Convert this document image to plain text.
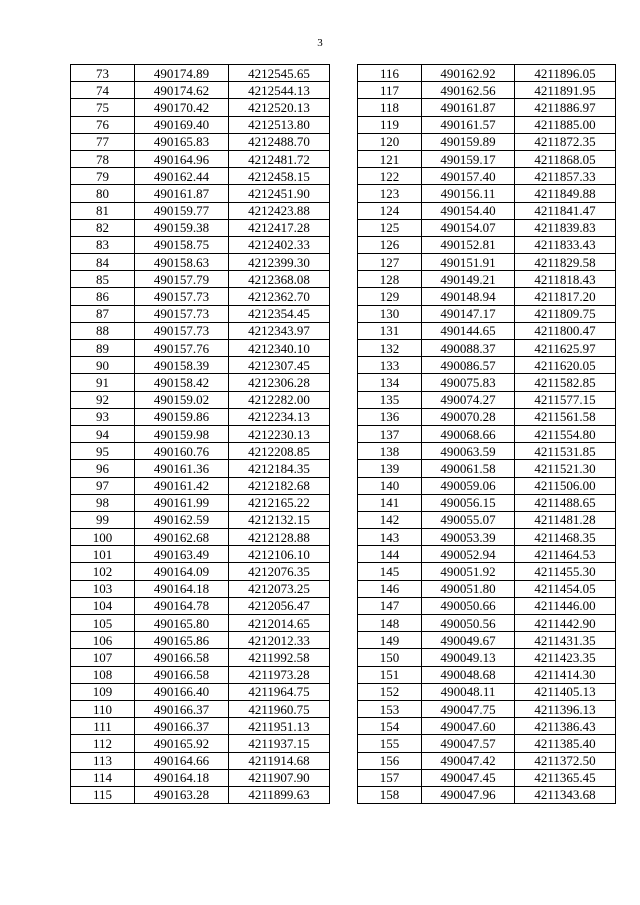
3
73	490174.89	4212545.65
74	490174.62	4212544.13
75	490170.42	4212520.13
76	490169.40	4212513.80
77	490165.83	4212488.70
78	490164.96	4212481.72
79	490162.44	4212458.15
80	490161.87	4212451.90
81	490159.77	4212423.88
82	490159.38	4212417.28
83	490158.75	4212402.33
84	490158.63	4212399.30
85	490157.79	4212368.08
86	490157.73	4212362.70
87	490157.73	4212354.45
88	490157.73	4212343.97
89	490157.76	4212340.10
90	490158.39	4212307.45
91	490158.42	4212306.28
92	490159.02	4212282.00
93	490159.86	4212234.13
94	490159.98	4212230.13
95	490160.76	4212208.85
96	490161.36	4212184.35
97	490161.42	4212182.68
98	490161.99	4212165.22
99	490162.59	4212132.15
100	490162.68	4212128.88
101	490163.49	4212106.10
102	490164.09	4212076.35
103	490164.18	4212073.25
104	490164.78	4212056.47
105	490165.80	4212014.65
106	490165.86	4212012.33
107	490166.58	4211992.58
108	490166.58	4211973.28
109	490166.40	4211964.75
110	490166.37	4211960.75
111	490166.37	4211951.13
112	490165.92	4211937.15
113	490164.66	4211914.68
114	490164.18	4211907.90
115	490163.28	4211899.63
116	490162.92	4211896.05
117	490162.56	4211891.95
118	490161.87	4211886.97
119	490161.57	4211885.00
120	490159.89	4211872.35
121	490159.17	4211868.05
122	490157.40	4211857.33
123	490156.11	4211849.88
124	490154.40	4211841.47
125	490154.07	4211839.83
126	490152.81	4211833.43
127	490151.91	4211829.58
128	490149.21	4211818.43
129	490148.94	4211817.20
130	490147.17	4211809.75
131	490144.65	4211800.47
132	490088.37	4211625.97
133	490086.57	4211620.05
134	490075.83	4211582.85
135	490074.27	4211577.15
136	490070.28	4211561.58
137	490068.66	4211554.80
138	490063.59	4211531.85
139	490061.58	4211521.30
140	490059.06	4211506.00
141	490056.15	4211488.65
142	490055.07	4211481.28
143	490053.39	4211468.35
144	490052.94	4211464.53
145	490051.92	4211455.30
146	490051.80	4211454.05
147	490050.66	4211446.00
148	490050.56	4211442.90
149	490049.67	4211431.35
150	490049.13	4211423.35
151	490048.68	4211414.30
152	490048.11	4211405.13
153	490047.75	4211396.13
154	490047.60	4211386.43
155	490047.57	4211385.40
156	490047.42	4211372.50
157	490047.45	4211365.45
158	490047.96	4211343.68
